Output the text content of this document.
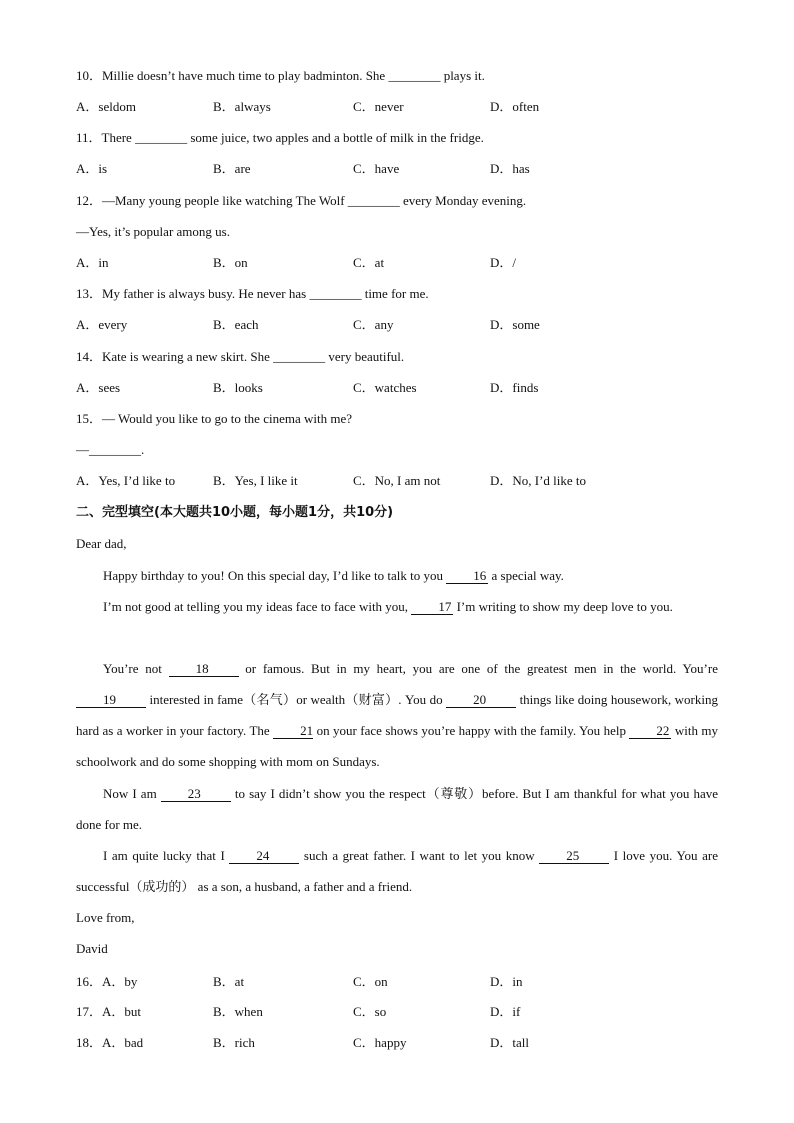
10．Millie doesn’t have much time to play badminton. She ________ plays it.
A．seldom	B．always	C．never	D．often
11．There ________ some juice, two apples and a bottle of milk in the fridge.
A．is	B．are	C．have	D．has
12．—Many young people like watching The Wolf ________ every Monday evening.
—Yes, it’s popular among us.
A．in	B．on	C．at	D．/
13．My father is always busy. He never has ________ time for me.
A．every	B．each	C．any	D．some
14．Kate is wearing a new skirt. She ________ very beautiful.
A．sees	B．looks	C．watches	D．finds
15．— Would you like to go to the cinema with me?
—________.
A．Yes, I’d like to	B．Yes, I like it	C．No, I am not	D．No, I’d like to
二、完型填空(本大题共10小题，每小题1分，共10分)
Dear dad,
Happy birthday to you! On this special day, I’d like to talk to you 16 a special way.
I’m not good at telling you my ideas face to face with you, 17 I’m writing to show my deep love to you.
You’re not 18 or famous. But in my heart, you are one of the greatest men in the world. You’re 19 interested in fame（名气）or wealth（财富）. You do 20 things like doing housework, working hard as a worker in your factory. The 21 on your face shows you’re happy with the family. You help 22 with my schoolwork and do some shopping with mom on Sundays.
Now I am 23 to say I didn’t show you the respect（尊敬）before. But I am thankful for what you have done for me.
I am quite lucky that I 24 such a great father. I want to let you know 25 I love you. You are successful（成功的） as a son, a husband, a father and a friend.
Love from,
David
16．A．by	B．at	C．on	D．in
17．A．but	B．when	C．so	D．if
18．A．bad	B．rich	C．happy	D．tall
